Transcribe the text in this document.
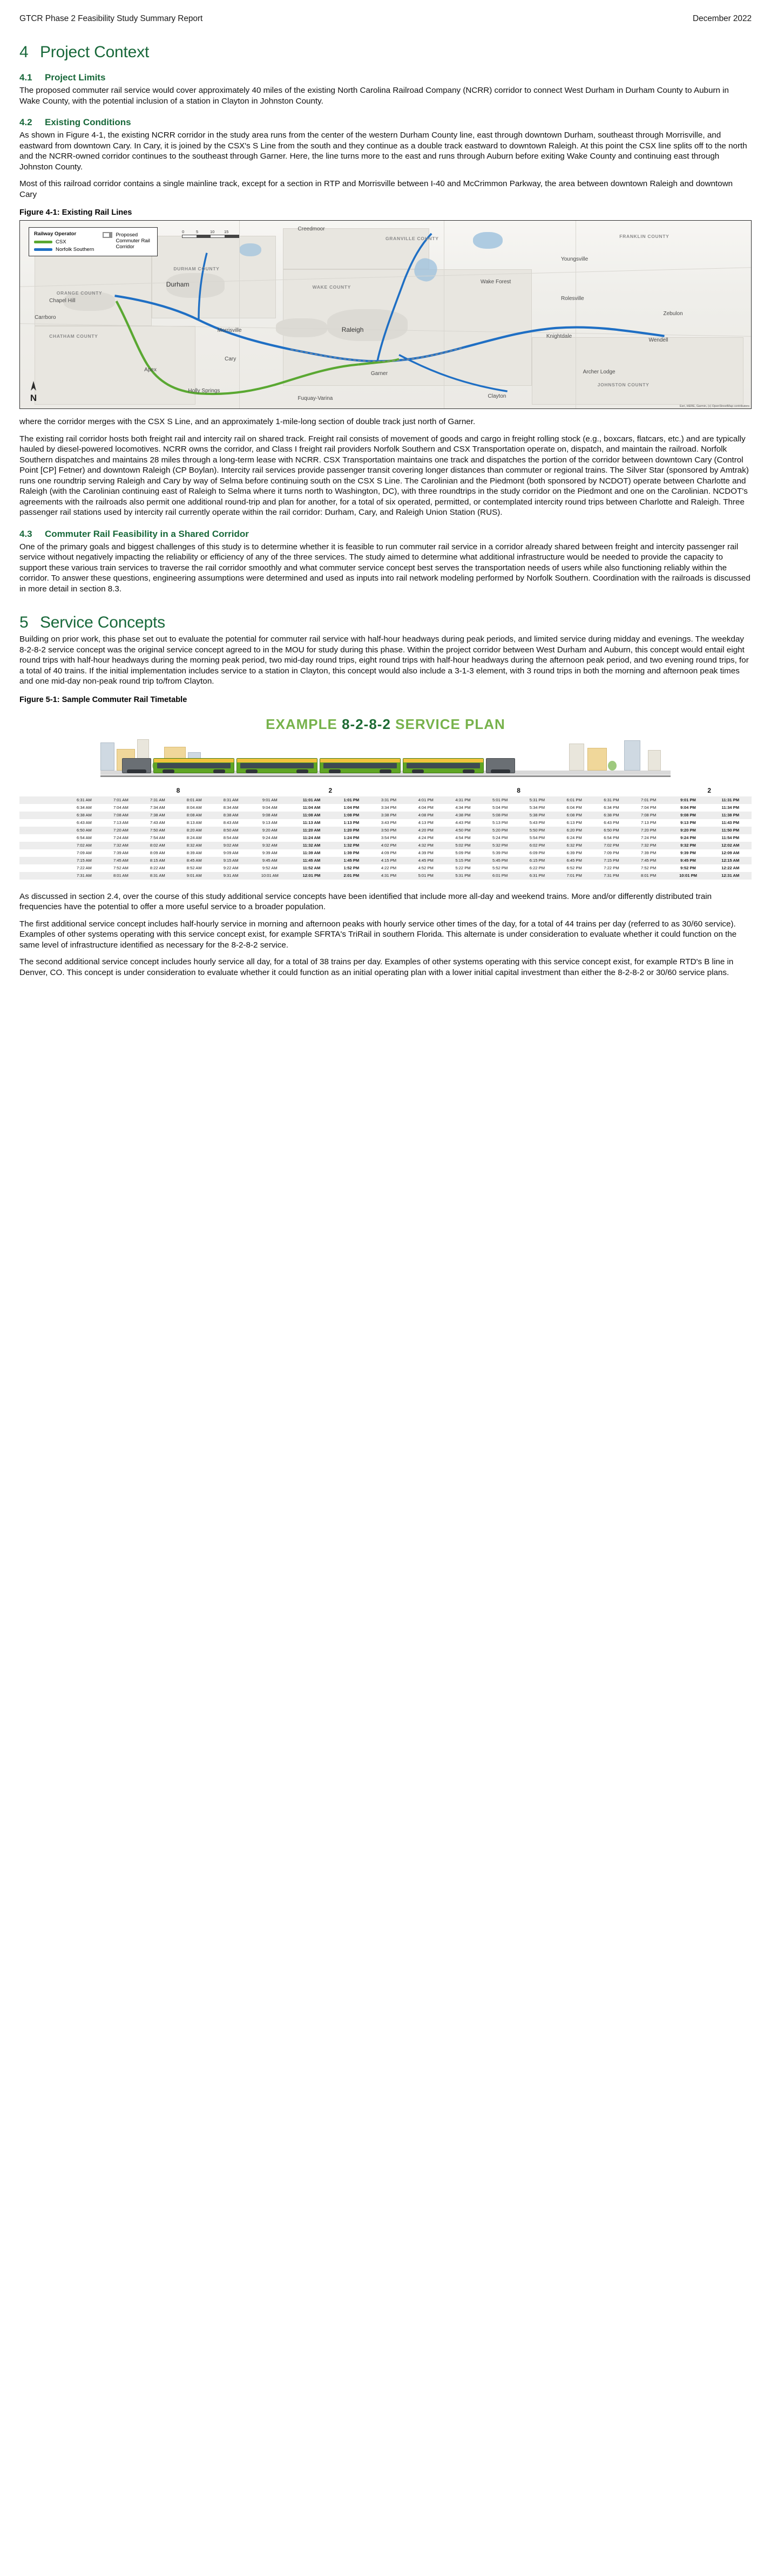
GTCR Phase 2 Feasibility Study Summary Report	December 2022
4 Project Context
4.1	Project Limits

The proposed commuter rail service would cover approximately 40 miles of the existing North Carolina Railroad Company (NCRR) corridor to connect West Durham in Durham County to Auburn in Wake County, with the potential inclusion of a station in Clayton in Johnston County.

4.2	Existing Conditions

As shown in Figure 4-1, the existing NCRR corridor in the study area runs from the center of the western Durham County line, east through downtown Durham, southeast through Morrisville, and eastward from downtown Cary. In Cary, it is joined by the CSX's S Line from the south and they continue as a double track eastward to downtown Raleigh. At this point the CSX line splits off to the north and the NCRR-owned corridor continues to the southeast through Garner. Here, the line turns more to the east and runs through Auburn before exiting Wake County and continuing east through Johnston County.

Most of this railroad corridor contains a single mainline track, except for a section in RTP and Morrisville between I-40 and McCrimmon Parkway, the area between downtown Raleigh and downtown Cary

Figure 4-1: Existing Rail Lines
ORANGE COUNTY
DURHAM COUNTY
GRANVILLE COUNTY	FRANKLIN COUNTY
CHATHAM COUNTY
WAKE COUNTY
JOHNSTON COUNTY
Creedmoor
Youngsville
Wake Forest
Rolesville
Durham
Chapel Hill
Carrboro
Morrisville
Cary
Raleigh
Knightdale
Wendell
Garner	Archer Lodge
Holly Springs
Apex
Clayton
Zebulon
Fuquay-Varina
Railway Operator
CSX
Norfolk Southern
Proposed Commuter Rail Corridor
0	5	10	15
N
Esri, HERE, Garmin, (c) OpenStreetMap contributors

where the corridor merges with the CSX S Line, and an approximately 1-mile-long section of double track just north of Garner.

The existing rail corridor hosts both freight rail and intercity rail on shared track. Freight rail consists of movement of goods and cargo in freight rolling stock (e.g., boxcars, flatcars, etc.) and are typically hauled by diesel-powered locomotives. NCRR owns the corridor, and Class I freight rail providers Norfolk Southern and CSX Transportation operate on, dispatch, and maintain the railroad. Norfolk Southern dispatches and maintains 28 miles through a long-term lease with NCRR. CSX Transportation maintains one track and dispatches the portion of the corridor between downtown Cary (Control Point [CP] Fetner) and downtown Raleigh (CP Boylan). Intercity rail services provide passenger transit covering longer distances than commuter or regional trains. The Silver Star (sponsored by Amtrak) runs one roundtrip serving Raleigh and Cary by way of Selma before continuing south on the CSX S Line. The Carolinian and the Piedmont (both sponsored by NCDOT) operate between Charlotte and Raleigh (with the Carolinian continuing east of Raleigh to Selma where it turns north to Washington, DC), with three roundtrips in the study corridor on the Piedmont and one on the Carolinian. NCDOT's agreements with the railroads also permit one additional round-trip and plan for another, for a total of six operated, permitted, or contemplated intercity round trips between Charlotte and Raleigh. Three passenger rail stations used by intercity rail currently operate within the rail corridor: Durham, Cary, and Raleigh Union Station (RUS).

4.3	Commuter Rail Feasibility in a Shared Corridor

One of the primary goals and biggest challenges of this study is to determine whether it is feasible to run commuter rail service in a corridor already shared between freight and intercity passenger rail service without negatively impacting the reliability or efficiency of any of the three services. The study aimed to determine what additional infrastructure would be needed to provide the capacity to support these various train services to traverse the rail corridor smoothly and what commuter service concept best serves the transportation needs of users while also functioning reliably within the corridor. To answer these questions, engineering assumptions were determined and used as inputs into rail network modeling performed by Norfolk Southern. Coordination with the railroads is discussed in more detail in section 8.3.

5 Service Concepts

Building on prior work, this phase set out to evaluate the potential for commuter rail service with half-hour headways during peak periods, and limited service during midday and evenings. The weekday 8-2-8-2 service concept was the original service concept agreed to in the MOU for study during this phase. Within the project corridor between West Durham and Auburn, this concept would entail eight round trips with half-hour headways during the morning peak period, two mid-day round trips, eight round trips with half-hour headways during the afternoon peak period, and two evening round trips, for a total of 40 trains. If the initial implementation includes service to a station in Clayton, this concept would also include a 3-1-3 element, with 3 round trips in both the morning and afternoon peak times and one mid-day non-peak round trip to/from Clayton.

Figure 5-1: Sample Commuter Rail Timetable
EXAMPLE 8-2-8-2 SERVICE PLAN
	8						2		8								2	
	6:31 AM	7:01 AM	7:31 AM	8:01 AM	8:31 AM	9:01 AM	11:01 AM	1:01 PM	3:31 PM	4:01 PM	4:31 PM	5:01 PM	5:31 PM	6:01 PM	6:31 PM	7:01 PM	9:01 PM	11:31 PM
	6:34 AM	7:04 AM	7:34 AM	8:04 AM	8:34 AM	9:04 AM	11:04 AM	1:04 PM	3:34 PM	4:04 PM	4:34 PM	5:04 PM	5:34 PM	6:04 PM	6:34 PM	7:04 PM	9:04 PM	11:34 PM
	6:38 AM	7:08 AM	7:38 AM	8:08 AM	8:38 AM	9:08 AM	11:08 AM	1:08 PM	3:38 PM	4:08 PM	4:38 PM	5:08 PM	5:38 PM	6:08 PM	6:38 PM	7:08 PM	9:08 PM	11:38 PM
	6:43 AM	7:13 AM	7:43 AM	8:13 AM	8:43 AM	9:13 AM	11:13 AM	1:13 PM	3:43 PM	4:13 PM	4:43 PM	5:13 PM	5:43 PM	6:13 PM	6:43 PM	7:13 PM	9:13 PM	11:43 PM
	6:50 AM	7:20 AM	7:50 AM	8:20 AM	8:50 AM	9:20 AM	11:20 AM	1:20 PM	3:50 PM	4:20 PM	4:50 PM	5:20 PM	5:50 PM	6:20 PM	6:50 PM	7:20 PM	9:20 PM	11:50 PM
	6:54 AM	7:24 AM	7:54 AM	8:24 AM	8:54 AM	9:24 AM	11:24 AM	1:24 PM	3:54 PM	4:24 PM	4:54 PM	5:24 PM	5:54 PM	6:24 PM	6:54 PM	7:24 PM	9:24 PM	11:54 PM
	7:02 AM	7:32 AM	8:02 AM	8:32 AM	9:02 AM	9:32 AM	11:32 AM	1:32 PM	4:02 PM	4:32 PM	5:02 PM	5:32 PM	6:02 PM	6:32 PM	7:02 PM	7:32 PM	9:32 PM	12:02 AM
	7:09 AM	7:39 AM	8:09 AM	8:39 AM	9:09 AM	9:39 AM	11:39 AM	1:39 PM	4:09 PM	4:39 PM	5:09 PM	5:39 PM	6:09 PM	6:39 PM	7:09 PM	7:39 PM	9:39 PM	12:09 AM
	7:15 AM	7:45 AM	8:15 AM	8:45 AM	9:15 AM	9:45 AM	11:45 AM	1:45 PM	4:15 PM	4:45 PM	5:15 PM	5:45 PM	6:15 PM	6:45 PM	7:15 PM	7:45 PM	9:45 PM	12:15 AM
	7:22 AM	7:52 AM	8:22 AM	8:52 AM	9:22 AM	9:52 AM	11:52 AM	1:52 PM	4:22 PM	4:52 PM	5:22 PM	5:52 PM	6:22 PM	6:52 PM	7:22 PM	7:52 PM	9:52 PM	12:22 AM
	7:31 AM	8:01 AM	8:31 AM	9:01 AM	9:31 AM	10:01 AM	12:01 PM	2:01 PM	4:31 PM	5:01 PM	5:31 PM	6:01 PM	6:31 PM	7:01 PM	7:31 PM	8:01 PM	10:01 PM	12:31 AM

As discussed in section 2.4, over the course of this study additional service concepts have been identified that include more all-day and weekend trains. More and/or differently distributed train frequencies have the potential to offer a more useful service to a broader population.

The first additional service concept includes half-hourly service in morning and afternoon peaks with hourly service other times of the day, for a total of 44 trains per day (referred to as 30/60 service). Examples of other systems operating with this service concept exist, for example SFRTA's TriRail in southern Florida. This alternate is under consideration to evaluate whether it could function on the same level of infrastructure identified as necessary for the 8-2-8-2 service.

The second additional service concept includes hourly service all day, for a total of 38 trains per day. Examples of other systems operating with this service concept exist, for example RTD's B line in Denver, CO. This concept is under consideration to evaluate whether it could function as an initial operating plan with a lower initial capital investment than either the 8-2-8-2 or 30/60 service plans.
